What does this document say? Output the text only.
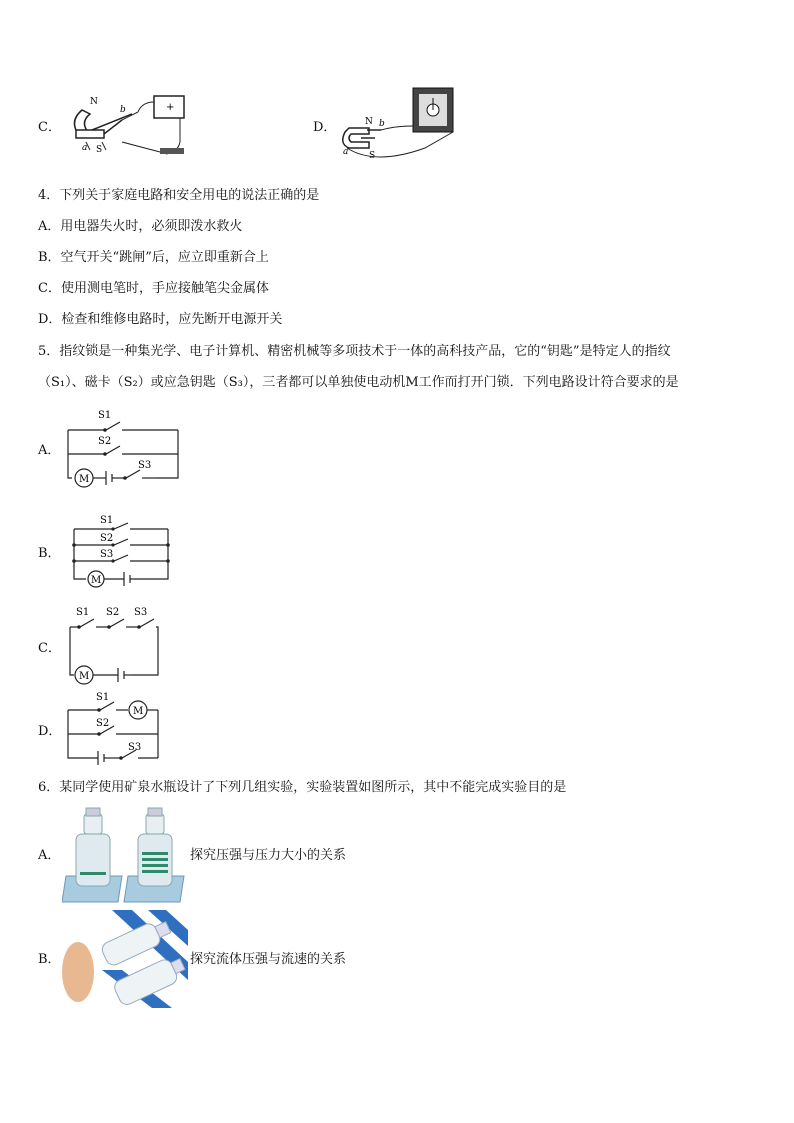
C．
+
N
S
a
b
D．	N
S
a
b
4．下列关于家庭电路和安全用电的说法正确的是
A．用电器失火时，必须即泼水救火
B．空气开关“跳闸”后，应立即重新合上
C．使用测电笔时，手应接触笔尖金属体
D．检查和维修电路时，应先断开电源开关
5．指纹锁是一种集光学、电子计算机、精密机械等多项技术于一体的高科技产品，它的“钥匙”是特定人的指纹
（S₁）、磁卡（S₂）或应急钥匙（S₃），三者都可以单独使电动机M工作而打开门锁．下列电路设计符合要求的是
A．
S1
S2
S3
M
B．
S1
S2
S3
M
C．
S1 S2 S3
M
D．
S1
S2
S3
M
6．某同学使用矿泉水瓶设计了下列几组实验，实验装置如图所示，其中不能完成实验目的是
A．	探究压强与压力大小的关系
B．	探究流体压强与流速的关系
